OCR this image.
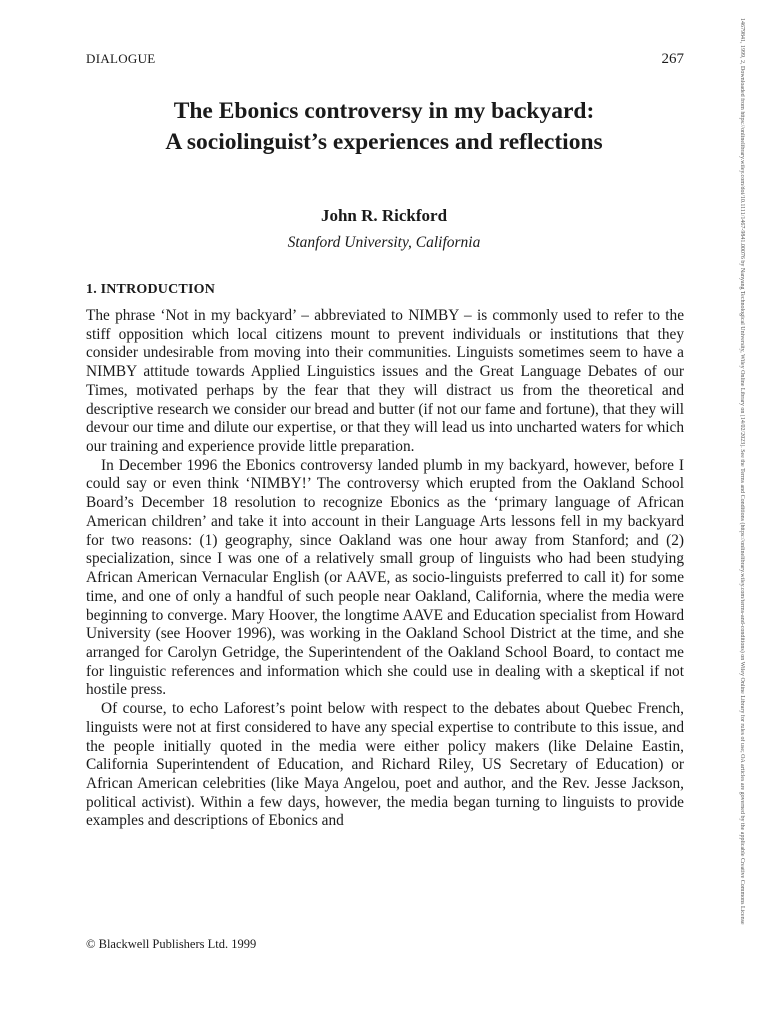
DIALOGUE	267
The Ebonics controversy in my backyard:
A sociolinguist’s experiences and reflections
John R. Rickford
Stanford University, California
1. INTRODUCTION

The phrase ‘Not in my backyard’ – abbreviated to NIMBY – is commonly used to refer to the stiff opposition which local citizens mount to prevent individuals or institutions that they consider undesirable from moving into their communities. Linguists sometimes seem to have a NIMBY attitude towards Applied Linguistics issues and the Great Language Debates of our Times, motivated perhaps by the fear that they will distract us from the theoretical and descriptive research we consider our bread and butter (if not our fame and fortune), that they will devour our time and dilute our expertise, or that they will lead us into uncharted waters for which our training and experience provide little preparation.

In December 1996 the Ebonics controversy landed plumb in my backyard, however, before I could say or even think ‘NIMBY!’ The controversy which erupted from the Oakland School Board’s December 18 resolution to recognize Ebonics as the ‘primary language of African American children’ and take it into account in their Language Arts lessons fell in my backyard for two reasons: (1) geography, since Oakland was one hour away from Stanford; and (2) specialization, since I was one of a relatively small group of linguists who had been studying African American Vernacular English (or AAVE, as socio-linguists preferred to call it) for some time, and one of only a handful of such people near Oakland, California, where the media were beginning to converge. Mary Hoover, the longtime AAVE and Education specialist from Howard University (see Hoover 1996), was working in the Oakland School District at the time, and she arranged for Carolyn Getridge, the Superintendent of the Oakland School Board, to contact me for linguistic references and information which she could use in dealing with a skeptical if not hostile press.

Of course, to echo Laforest’s point below with respect to the debates about Quebec French, linguists were not at first considered to have any special expertise to contribute to this issue, and the people initially quoted in the media were either policy makers (like Delaine Eastin, California Superintendent of Education, and Richard Riley, US Secretary of Education) or African American celebrities (like Maya Angelou, poet and author, and the Rev. Jesse Jackson, political activist). Within a few days, however, the media began turning to linguists to provide examples and descriptions of Ebonics and

© Blackwell Publishers Ltd. 1999
14679841, 1999, 2, Downloaded from https://onlinelibrary.wiley.com/doi/10.1111/1467-9841.00076 by Nanyang Technological University, Wiley Online Library on [14/02/2023]. See the Terms and Conditions (https://onlinelibrary.wiley.com/terms-and-conditions) on Wiley Online Library for rules of use; OA articles are governed by the applicable Creative Commons License
